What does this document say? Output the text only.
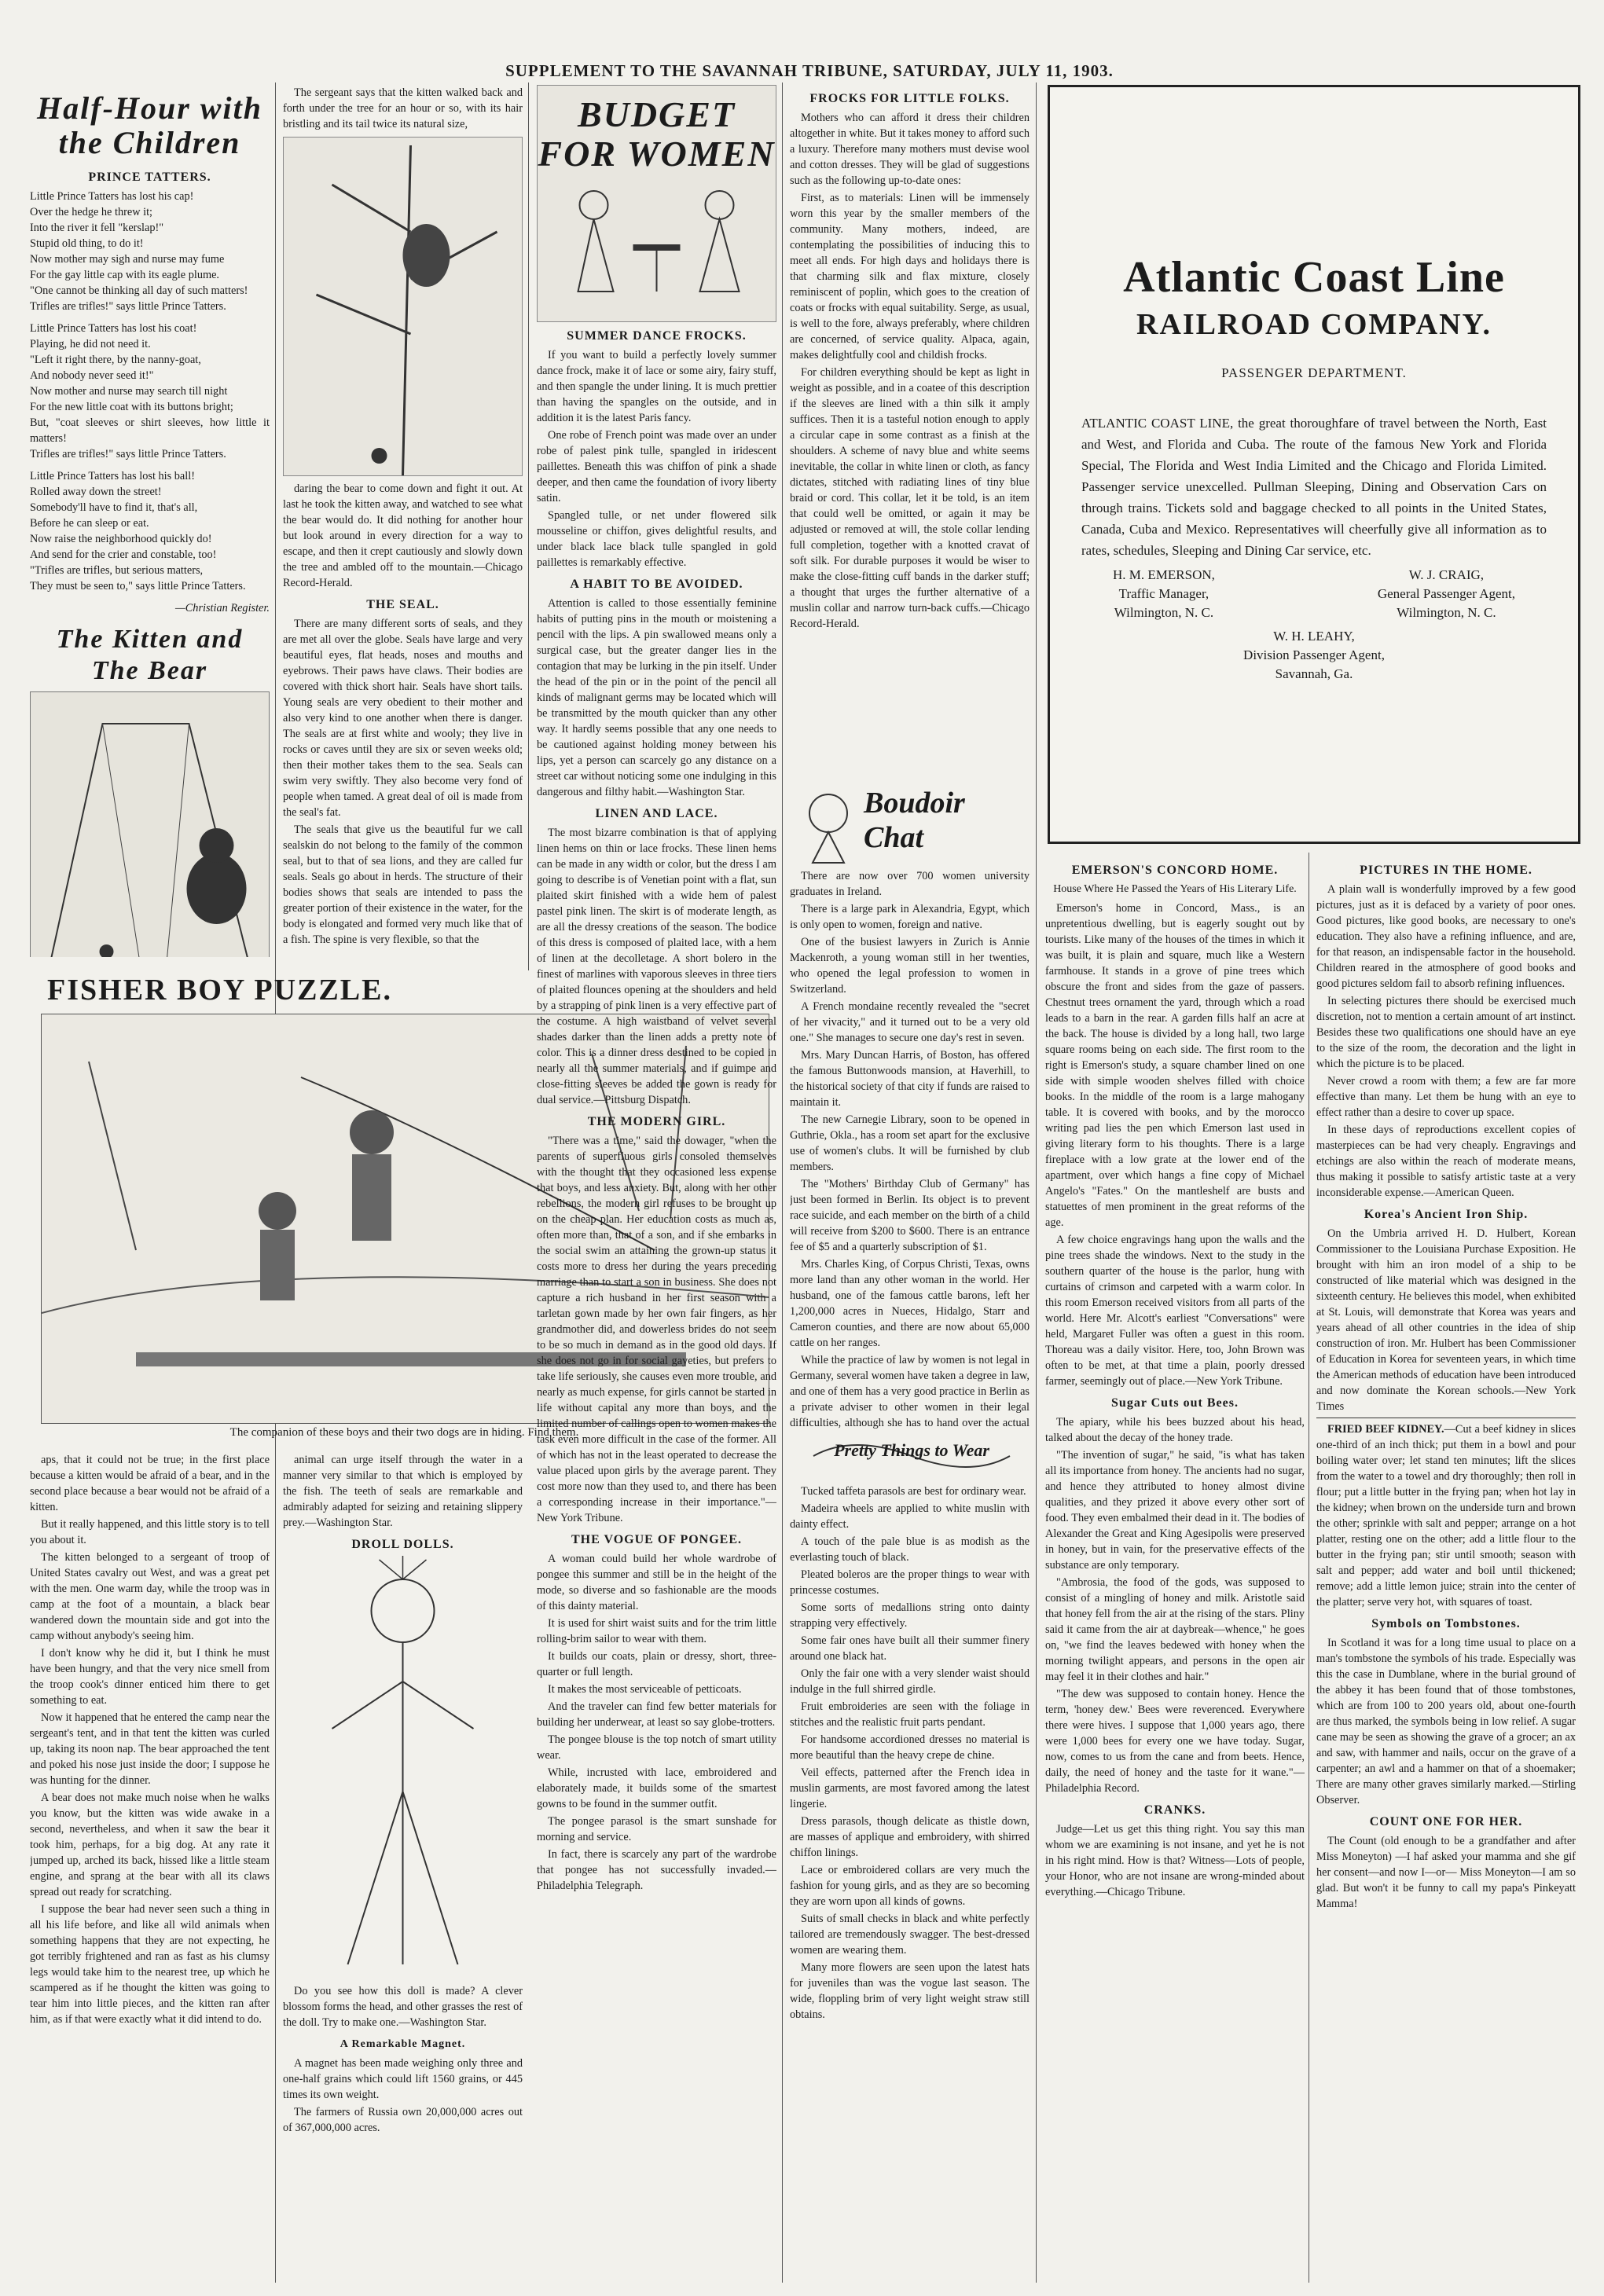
SUPPLEMENT TO THE SAVANNAH TRIBUNE, SATURDAY, JULY 11, 1903.
Half-Hour with the Children
PRINCE TATTERS.

Little Prince Tatters has lost his cap!

Over the hedge he threw it;

Into the river it fell "kerslap!"

Stupid old thing, to do it!

Now mother may sigh and nurse may fume

For the gay little cap with its eagle plume.

"One cannot be thinking all day of such matters!

Trifles are trifles!" says little Prince Tatters.

Little Prince Tatters has lost his coat!

Playing, he did not need it.

"Left it right there, by the nanny-goat,

And nobody never seed it!"

Now mother and nurse may search till night

For the new little coat with its buttons bright;

But, "coat sleeves or shirt sleeves, how little it matters!

Trifles are trifles!" says little Prince Tatters.

Little Prince Tatters has lost his ball!

Rolled away down the street!

Somebody'll have to find it, that's all,

Before he can sleep or eat.

Now raise the neighborhood quickly do!

And send for the crier and constable, too!

"Trifles are trifles, but serious matters,

They must be seen to," says little Prince Tatters.

—Christian Register.

The Kitten and The Bear

The sergeant says that the kitten walked back and forth under the tree for an hour or so, with its hair bristling and its tail twice its natural size,

daring the bear to come down and fight it out. At last he took the kitten away, and watched to see what the bear would do. It did nothing for another hour but look around in every direction for a way to escape, and then it crept cautiously and slowly down the tree and ambled off to the mountain.—Chicago Record-Herald.

THE SEAL.

There are many different sorts of seals, and they are met all over the globe. Seals have large and very beautiful eyes, flat heads, noses and mouths and eyebrows. Their paws have claws. Their bodies are covered with thick short hair. Seals have short tails. Young seals are very obedient to their mother and also very kind to one another when there is danger. The seals are at first white and wooly; they live in rocks or caves until they are six or seven weeks old; then their mother takes them to the sea. Seals can swim very swiftly. They also become very fond of people when tamed. A great deal of oil is made from the seal's fat.

The seals that give us the beautiful fur we call sealskin do not belong to the family of the common seal, but to that of sea lions, and they are called fur seals. Seals go about in herds. The structure of their bodies shows that seals are intended to pass the greater portion of their existence in the water, for the body is elongated and formed very much like that of a fish. The spine is very flexible, so that the

FISHER BOY PUZZLE.
The companion of these boys and their two dogs are in hiding. Find them.

aps, that it could not be true; in the first place because a kitten would be afraid of a bear, and in the second place because a bear would not be afraid of a kitten.

But it really happened, and this little story is to tell you about it.

The kitten belonged to a sergeant of troop of United States cavalry out West, and was a great pet with the men. One warm day, while the troop was in camp at the foot of a mountain, a black bear wandered down the mountain side and got into the camp without anybody's seeing him.

I don't know why he did it, but I think he must have been hungry, and that the very nice smell from the troop cook's dinner enticed him there to get something to eat.

Now it happened that he entered the camp near the sergeant's tent, and in that tent the kitten was curled up, taking its noon nap. The bear approached the tent and poked his nose just inside the door; I suppose he was hunting for the dinner.

A bear does not make much noise when he walks you know, but the kitten was wide awake in a second, nevertheless, and when it saw the bear it took him, perhaps, for a big dog. At any rate it jumped up, arched its back, hissed like a little steam engine, and sprang at the bear with all its claws spread out ready for scratching.

I suppose the bear had never seen such a thing in all his life before, and like all wild animals when something happens that they are not expecting, he got terribly frightened and ran as fast as his clumsy legs would take him to the nearest tree, up which he scampered as if he thought the kitten was going to tear him into little pieces, and the kitten ran after him, as if that were exactly what it did intend to do.

animal can urge itself through the water in a manner very similar to that which is employed by the fish. The teeth of seals are remarkable and admirably adapted for seizing and retaining slippery prey.—Washington Star.

DROLL DOLLS.

Do you see how this doll is made? A clever blossom forms the head, and other grasses the rest of the doll. Try to make one.—Washington Star.

A Remarkable Magnet.

A magnet has been made weighing only three and one-half grains which could lift 1560 grains, or 445 times its own weight.

The farmers of Russia own 20,000,000 acres out of 367,000,000 acres.

BUDGET FOR WOMEN
SUMMER DANCE FROCKS.

If you want to build a perfectly lovely summer dance frock, make it of lace or some airy, fairy stuff, and then spangle the under lining. It is much prettier than having the spangles on the outside, and in addition it is the latest Paris fancy.

One robe of French point was made over an under robe of palest pink tulle, spangled in iridescent paillettes. Beneath this was chiffon of pink a shade deeper, and then came the foundation of ivory liberty satin.

Spangled tulle, or net under flowered silk mousseline or chiffon, gives delightful results, and under black lace black tulle spangled in gold paillettes is remarkably effective.

A HABIT TO BE AVOIDED.

Attention is called to those essentially feminine habits of putting pins in the mouth or moistening a pencil with the lips. A pin swallowed means only a surgical case, but the greater danger lies in the contagion that may be lurking in the pin itself. Under the head of the pin or in the point of the pencil all kinds of malignant germs may be located which will be transmitted by the mouth quicker than any other way. It hardly seems possible that any one needs to be cautioned against holding money between his lips, yet a person can scarcely go any distance on a street car without noticing some one indulging in this dangerous and filthy habit.—Washington Star.

LINEN AND LACE.

The most bizarre combination is that of applying linen hems on thin or lace frocks. These linen hems can be made in any width or color, but the dress I am going to describe is of Venetian point with a flat, sun plaited skirt finished with a wide hem of palest pastel pink linen. The skirt is of moderate length, as are all the dressy creations of the season. The bodice of this dress is composed of plaited lace, with a hem of linen at the decolletage. A short bolero in the finest of marlines with vaporous sleeves in three tiers of plaited flounces opening at the shoulders and held by a strapping of pink linen is a very effective part of the costume. A high waistband of velvet several shades darker than the linen adds a pretty note of color. This is a dinner dress destined to be copied in nearly all the summer materials, and if guimpe and close-fitting sleeves be added the gown is ready for dual service.—Pittsburg Dispatch.

THE MODERN GIRL.

"There was a time," said the dowager, "when the parents of superfluous girls consoled themselves with the thought that they occasioned less expense that boys, and less anxiety. But, along with her other rebellions, the modern girl refuses to be brought up on the cheap plan. Her education costs as much as, often more than, that of a son, and if she embarks in the social swim an attaining the grown-up status it costs more to dress her during the years preceding marriage than to start a son in business. She does not capture a rich husband in her first season with a tarletan gown made by her own fair fingers, as her grandmother did, and dowerless brides do not seem to be so much in demand as in the good old days. If she does not go in for social gayeties, but prefers to take life seriously, she causes even more trouble, and nearly as much expense, for girls cannot be started in life without capital any more than boys, and the limited number of callings open to women makes the task even more difficult in the case of the former. All of which has not in the least operated to decrease the value placed upon girls by the average parent. They cost more now than they used to, and there has been a corresponding increase in their importance."—New York Tribune.

THE VOGUE OF PONGEE.

A woman could build her whole wardrobe of pongee this summer and still be in the height of the mode, so diverse and so fashionable are the moods of this dainty material.

It is used for shirt waist suits and for the trim little rolling-brim sailor to wear with them.

It builds our coats, plain or dressy, short, three-quarter or full length.

It makes the most serviceable of petticoats.

And the traveler can find few better materials for building her underwear, at least so say globe-trotters.

The pongee blouse is the top notch of smart utility wear.

While, incrusted with lace, embroidered and elaborately made, it builds some of the smartest gowns to be found in the summer outfit.

The pongee parasol is the smart sunshade for morning and service.

In fact, there is scarcely any part of the wardrobe that pongee has not successfully invaded.—Philadelphia Telegraph.

FROCKS FOR LITTLE FOLKS.

Mothers who can afford it dress their children altogether in white. But it takes money to afford such a luxury. Therefore many mothers must devise wool and cotton dresses. They will be glad of suggestions such as the following up-to-date ones:

First, as to materials: Linen will be immensely worn this year by the smaller members of the community. Many mothers, indeed, are contemplating the possibilities of inducing this to meet all ends. For high days and holidays there is that charming silk and flax mixture, closely reminiscent of poplin, which goes to the creation of coats or frocks with equal suitability. Serge, as usual, is well to the fore, always preferably, where children are concerned, of service quality. Alpaca, again, makes delightfully cool and childish frocks.

For children everything should be kept as light in weight as possible, and in a coatee of this description if the sleeves are lined with a thin silk it amply suffices. Then it is a tasteful notion enough to apply a circular cape in some contrast as a finish at the shoulders. A scheme of navy blue and white seems inevitable, the collar in white linen or cloth, as fancy dictates, stitched with radiating lines of tiny blue braid or cord. This collar, let it be told, is an item that could well be omitted, or again it may be adjusted or removed at will, the stole collar lending full completion, together with a knotted cravat of soft silk. For durable purposes it would be wiser to make the close-fitting cuff bands in the darker stuff; a thought that urges the further alternative of a muslin collar and narrow turn-back cuffs.—Chicago Record-Herald.

Boudoir Chat

There are now over 700 women university graduates in Ireland.

There is a large park in Alexandria, Egypt, which is only open to women, foreign and native.

One of the busiest lawyers in Zurich is Annie Mackenroth, a young woman still in her twenties, who opened the legal profession to women in Switzerland.

A French mondaine recently revealed the "secret of her vivacity," and it turned out to be a very old one." She manages to secure one day's rest in seven.

Mrs. Mary Duncan Harris, of Boston, has offered the famous Buttonwoods mansion, at Haverhill, to the historical society of that city if funds are raised to maintain it.

The new Carnegie Library, soon to be opened in Guthrie, Okla., has a room set apart for the exclusive use of women's clubs. It will be furnished by club members.

The "Mothers' Birthday Club of Germany" has just been formed in Berlin. Its object is to prevent race suicide, and each member on the birth of a child will receive from $200 to $600. There is an entrance fee of $5 and a quarterly subscription of $1.

Mrs. Charles King, of Corpus Christi, Texas, owns more land than any other woman in the world. Her husband, one of the famous cattle barons, left her 1,200,000 acres in Nueces, Hidalgo, Starr and Cameron counties, and there are now about 65,000 cattle on her ranges.

While the practice of law by women is not legal in Germany, several women have taken a degree in law, and one of them has a very good practice in Berlin as a private adviser to other women in their legal difficulties, although she has to hand over the actual

Pretty Things to Wear

Tucked taffeta parasols are best for ordinary wear.

Madeira wheels are applied to white muslin with dainty effect.

A touch of the pale blue is as modish as the everlasting touch of black.

Pleated boleros are the proper things to wear with princesse costumes.

Some sorts of medallions string onto dainty strapping very effectively.

Some fair ones have built all their summer finery around one black hat.

Only the fair one with a very slender waist should indulge in the full shirred girdle.

Fruit embroideries are seen with the foliage in stitches and the realistic fruit parts pendant.

For handsome accordioned dresses no material is more beautiful than the heavy crepe de chine.

Veil effects, patterned after the French idea in muslin garments, are most favored among the latest lingerie.

Dress parasols, though delicate as thistle down, are masses of applique and embroidery, with shirred chiffon linings.

Lace or embroidered collars are very much the fashion for young girls, and as they are so becoming they are worn upon all kinds of gowns.

Suits of small checks in black and white perfectly tailored are tremendously swagger. The best-dressed women are wearing them.

Many more flowers are seen upon the latest hats for juveniles than was the vogue last season. The wide, floppling brim of very light weight straw still obtains.

Atlantic Coast Line
RAILROAD COMPANY.
PASSENGER DEPARTMENT.
ATLANTIC COAST LINE, the great thoroughfare of travel between the North, East and West, and Florida and Cuba. The route of the famous New York and Florida Special, The Florida and West India Limited and the Chicago and Florida Limited. Passenger service unexcelled. Pullman Sleeping, Dining and Observation Cars on through trains. Tickets sold and baggage checked to all points in the United States, Canada, Cuba and Mexico. Representatives will cheerfully give all information as to rates, schedules, Sleeping and Dining Car service, etc.
H. M. EMERSON,
Traffic Manager,
Wilmington, N. C.
W. J. CRAIG,
General Passenger Agent,
Wilmington, N. C.
W. H. LEAHY,
Division Passenger Agent,
Savannah, Ga.
EMERSON'S CONCORD HOME.
House Where He Passed the Years of His Literary Life.

Emerson's home in Concord, Mass., is an unpretentious dwelling, but is eagerly sought out by tourists. Like many of the houses of the times in which it was built, it is plain and square, much like a Western farmhouse. It stands in a grove of pine trees which obscure the front and sides from the gaze of passers. Chestnut trees ornament the yard, through which a road leads to a barn in the rear. A garden fills half an acre at the back. The house is divided by a long hall, two large square rooms being on each side. The first room to the right is Emerson's study, a square chamber lined on one side with simple wooden shelves filled with choice books. In the middle of the room is a large mahogany table. It is covered with books, and by the morocco writing pad lies the pen which Emerson last used in giving literary form to his thoughts. There is a large fireplace with a low grate at the lower end of the apartment, over which hangs a fine copy of Michael Angelo's "Fates." On the mantleshelf are busts and statuettes of men prominent in the great reforms of the age.

A few choice engravings hang upon the walls and the pine trees shade the windows. Next to the study in the southern quarter of the house is the parlor, hung with curtains of crimson and carpeted with a warm color. In this room Emerson received visitors from all parts of the world. Here Mr. Alcott's earliest "Conversations" were held, Margaret Fuller was often a guest in this room. Thoreau was a daily visitor. Here, too, John Brown was often to be met, at that time a plain, poorly dressed farmer, seemingly out of place.—New York Tribune.

Sugar Cuts out Bees.

The apiary, while his bees buzzed about his head, talked about the decay of the honey trade.

"The invention of sugar," he said, "is what has taken all its importance from honey. The ancients had no sugar, and hence they attributed to honey almost divine qualities, and they prized it above every other sort of food. They even embalmed their dead in it. The bodies of Alexander the Great and King Agesipolis were preserved in honey, but in vain, for the preservative effects of the substance are only temporary.

"Ambrosia, the food of the gods, was supposed to consist of a mingling of honey and milk. Aristotle said that honey fell from the air at the rising of the stars. Pliny said it came from the air at daybreak—whence," he goes on, "we find the leaves bedewed with honey when the morning twilight appears, and persons in the open air may feel it in their clothes and hair."

"The dew was supposed to contain honey. Hence the term, 'honey dew.' Bees were reverenced. Everywhere there were hives. I suppose that 1,000 years ago, there were 1,000 bees for every one we have today. Sugar, now, comes to us from the cane and from beets. Hence, daily, the need of honey and the taste for it wane."—Philadelphia Record.

CRANKS.

Judge—Let us get this thing right. You say this man whom we are examining is not insane, and yet he is not in his right mind. How is that? Witness—Lots of people, your Honor, who are not insane are wrong-minded about everything.—Chicago Tribune.

PICTURES IN THE HOME.

A plain wall is wonderfully improved by a few good pictures, just as it is defaced by a variety of poor ones. Good pictures, like good books, are necessary to one's education. They also have a refining influence, and are, for that reason, an indispensable factor in the household. Children reared in the atmosphere of good books and good pictures seldom fail to absorb refining influences.

In selecting pictures there should be exercised much discretion, not to mention a certain amount of art instinct. Besides these two qualifications one should have an eye to the size of the room, the decoration and the light in which the picture is to be placed.

Never crowd a room with them; a few are far more effective than many. Let them be hung with an eye to effect rather than a desire to cover up space.

In these days of reproductions excellent copies of masterpieces can be had very cheaply. Engravings and etchings are also within the reach of moderate means, thus making it possible to satisfy artistic taste at a very inconsiderable expense.—American Queen.

Korea's Ancient Iron Ship.

On the Umbria arrived H. D. Hulbert, Korean Commissioner to the Louisiana Purchase Exposition. He brought with him an iron model of a ship to be constructed of like material which was designed in the sixteenth century. He believes this model, when exhibited at St. Louis, will demonstrate that Korea was years and years ahead of all other countries in the idea of ship construction of iron. Mr. Hulbert has been Commissioner of Education in Korea for seventeen years, in which time the American methods of education have been introduced and now dominate the Korean schools.—New York Times

FRIED BEEF KIDNEY.—Cut a beef kidney in slices one-third of an inch thick; put them in a bowl and pour boiling water over; let stand ten minutes; lift the slices from the water to a towel and dry thoroughly; then roll in flour; put a little butter in the frying pan; when hot lay in the kidney; when brown on the underside turn and brown the other; sprinkle with salt and pepper; arrange on a hot platter, resting one on the other; add a little flour to the butter in the frying pan; stir until smooth; season with salt and pepper; add water and boil until thickened; remove; add a little lemon juice; strain into the center of the platter; serve very hot, with squares of toast.

Symbols on Tombstones.

In Scotland it was for a long time usual to place on a man's tombstone the symbols of his trade. Especially was this the case in Dumblane, where in the burial ground of the abbey it has been found that of those tombstones, which are from 100 to 200 years old, about one-fourth are thus marked, the symbols being in low relief. A sugar cane may be seen as showing the grave of a grocer; an ax and saw, with hammer and nails, occur on the grave of a carpenter; an awl and a hammer on that of a shoemaker; There are many other graves similarly marked.—Stirling Observer.

COUNT ONE FOR HER.

The Count (old enough to be a grandfather and after Miss Moneyton) —I haf asked your mamma and she gif her consent—and now I—or— Miss Moneyton—I am so glad. But won't it be funny to call my papa's Pinkeyatt Mamma!
